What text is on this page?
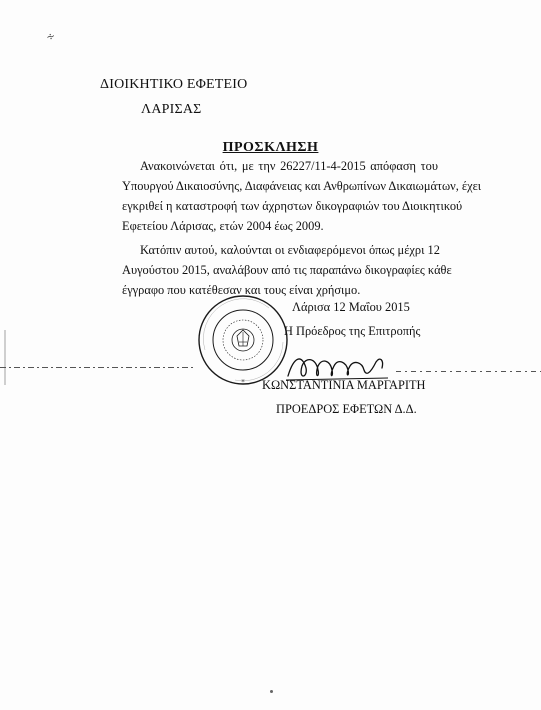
∻
ΔΙΟΙΚΗΤΙΚΟ ΕΦΕΤΕΙΟ
ΛΑΡΙΣΑΣ
ΠΡΟΣΚΛΗΣΗ
Ανακοινώνεται ότι, με την 26227/11-4-2015 απόφαση του
Υπουργού Δικαιοσύνης, Διαφάνειας και Ανθρωπίνων Δικαιωμάτων, έχει
εγκριθεί η καταστροφή των άχρηστων δικογραφιών του Διοικητικού
Εφετείου Λάρισας, ετών 2004 έως 2009.
Κατόπιν αυτού, καλούνται οι ενδιαφερόμενοι όπως μέχρι 12
Αυγούστου 2015, αναλάβουν από τις παραπάνω δικογραφίες κάθε
έγγραφο που κατέθεσαν και τους είναι χρήσιμο.
*
Λάρισα 12 Μαΐου 2015
Η Πρόεδρος της Επιτροπής
ΚΩΝΣΤΑΝΤΙΝΙΑ ΜΑΡΓΑΡΙΤΗ
ΠΡΟΕΔΡΟΣ ΕΦΕΤΩΝ Δ.Δ.
